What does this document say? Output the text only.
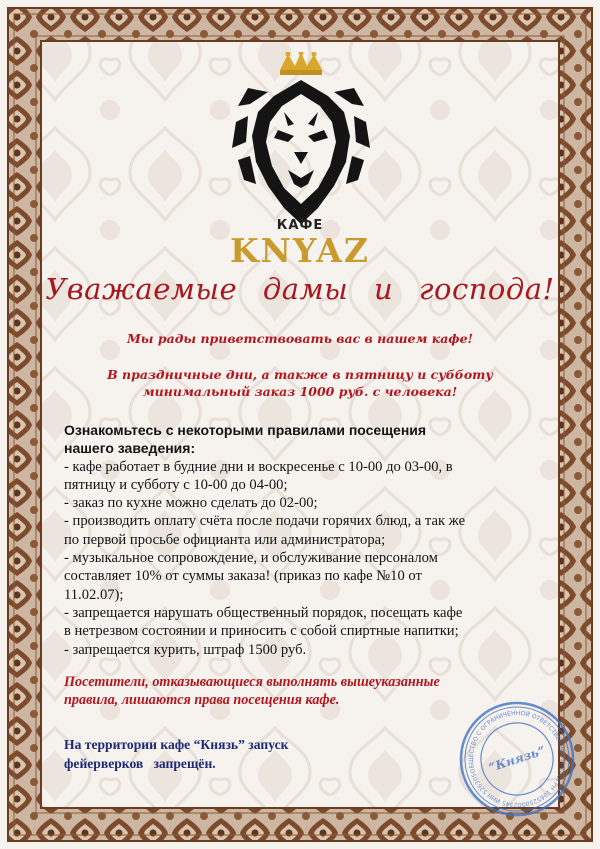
КАФЕ
KNYAZ
Уважаемые дамы и господа!
Мы рады приветствовать вас в нашем кафе!
В праздничные дни, а также в пятницу и субботу
минимальный заказ 1000 руб. с человека!
Ознакомьтесь с некоторыми правилами посещения
нашего заведения:
- кафе работает в будние дни и воскресенье с 10-00 до 03-00, в
пятницу и субботу с 10-00 до 04-00;
- заказ по кухне можно сделать до 02-00;
- производить оплату счёта после подачи горячих блюд, а так же
по первой просьбе официанта или администратора;
- музыкальное сопровождение, и обслуживание персоналом
составляет 10% от суммы заказа! (приказ по кафе №10 от
11.02.07);
- запрещается нарушать общественный порядок, посещать кафе
в нетрезвом состоянии и приносить с собой спиртные напитки;
- запрещается курить, штраф 1500 руб.
Посетители, отказывающиеся выполнять вышеуказанные
правила, лишаются права посещения кафе.
На территории кафе “Князь” запуск
фейерверков   запрещён.	ОБЩЕСТВО С ОГРАНИЧЕННОЙ ОТВЕТСТВЕННОСТЬЮ ОГРН 1065250002345 ИНН 5263051456
“Князь”
